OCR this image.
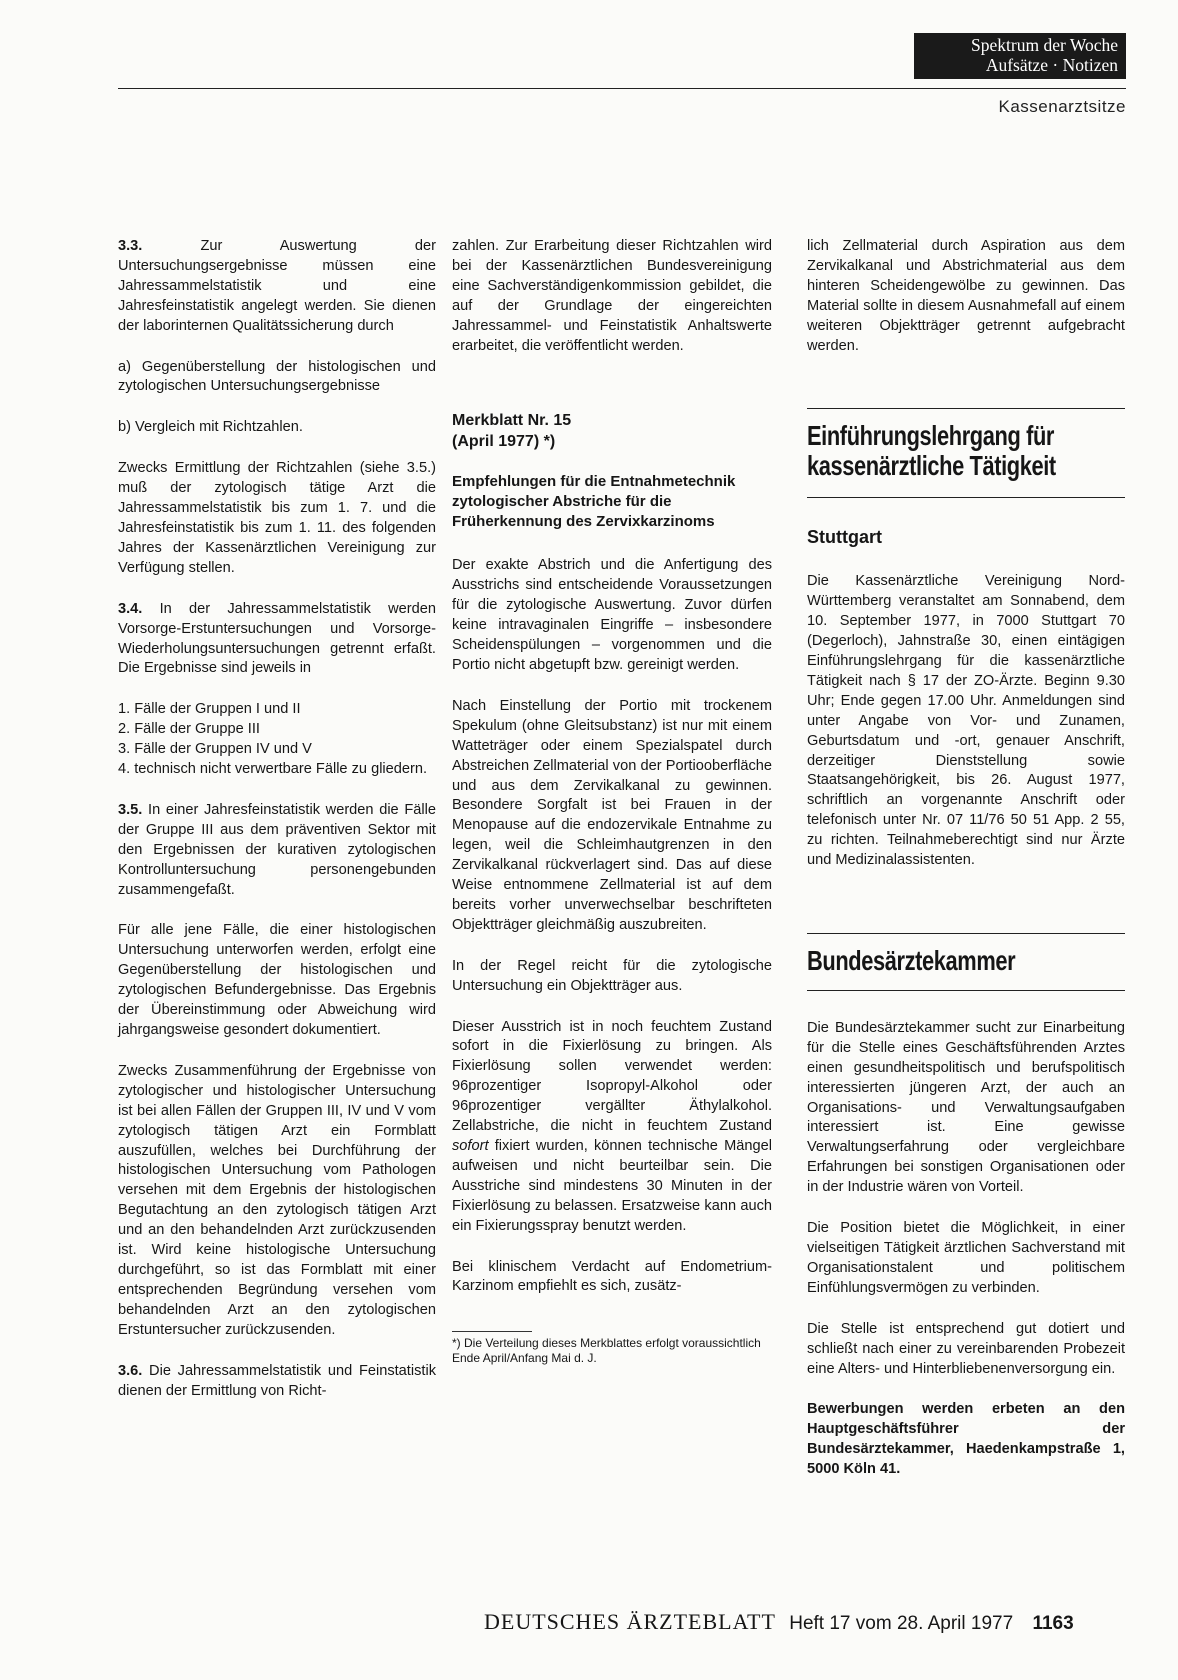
Spektrum der Woche
Aufsätze · Notizen
Kassenarztsitze

3.3. Zur Auswertung der Untersuchungsergebnisse müssen eine Jahressammelstatistik und eine Jahresfeinstatistik angelegt werden. Sie dienen der laborinternen Qualitätssicherung durch

a) Gegenüberstellung der histologischen und zytologischen Untersuchungsergebnisse

b) Vergleich mit Richtzahlen.

Zwecks Ermittlung der Richtzahlen (siehe 3.5.) muß der zytologisch tätige Arzt die Jahressammelstatistik bis zum 1. 7. und die Jahresfeinstatistik bis zum 1. 11. des folgenden Jahres der Kassenärztlichen Vereinigung zur Verfügung stellen.

3.4. In der Jahressammelstatistik werden Vorsorge-Erstuntersuchungen und Vorsorge-Wiederholungsuntersuchungen getrennt erfaßt. Die Ergebnisse sind jeweils in

1. Fälle der Gruppen I und II
2. Fälle der Gruppe III
3. Fälle der Gruppen IV und V
4. technisch nicht verwertbare Fälle zu gliedern.

3.5. In einer Jahresfeinstatistik werden die Fälle der Gruppe III aus dem präventiven Sektor mit den Ergebnissen der kurativen zytologischen Kontrolluntersuchung personengebunden zusammengefaßt.

Für alle jene Fälle, die einer histologischen Untersuchung unterworfen werden, erfolgt eine Gegenüberstellung der histologischen und zytologischen Befundergebnisse. Das Ergebnis der Übereinstimmung oder Abweichung wird jahrgangsweise gesondert dokumentiert.

Zwecks Zusammenführung der Ergebnisse von zytologischer und histologischer Untersuchung ist bei allen Fällen der Gruppen III, IV und V vom zytologisch tätigen Arzt ein Formblatt auszufüllen, welches bei Durchführung der histologischen Untersuchung vom Pathologen versehen mit dem Ergebnis der histologischen Begutachtung an den zytologisch tätigen Arzt und an den behandelnden Arzt zurückzusenden ist. Wird keine histologische Untersuchung durchgeführt, so ist das Formblatt mit einer entsprechenden Begründung versehen vom behandelnden Arzt an den zytologischen Erstuntersucher zurückzusenden.

3.6. Die Jahressammelstatistik und Feinstatistik dienen der Ermittlung von Richt-

zahlen. Zur Erarbeitung dieser Richtzahlen wird bei der Kassenärztlichen Bundesvereinigung eine Sachverständigenkommission gebildet, die auf der Grundlage der eingereichten Jahressammel- und Feinstatistik Anhaltswerte erarbeitet, die veröffentlicht werden.

Merkblatt Nr. 15
(April 1977) *)

Empfehlungen für die Entnahmetechnik zytologischer Abstriche für die Früherkennung des Zervixkarzinoms

Der exakte Abstrich und die Anfertigung des Ausstrichs sind entscheidende Voraussetzungen für die zytologische Auswertung. Zuvor dürfen keine intravaginalen Eingriffe – insbesondere Scheidenspülungen – vorgenommen und die Portio nicht abgetupft bzw. gereinigt werden.

Nach Einstellung der Portio mit trockenem Spekulum (ohne Gleitsubstanz) ist nur mit einem Watteträger oder einem Spezialspatel durch Abstreichen Zellmaterial von der Portiooberfläche und aus dem Zervikalkanal zu gewinnen. Besondere Sorgfalt ist bei Frauen in der Menopause auf die endozervikale Entnahme zu legen, weil die Schleimhautgrenzen in den Zervikalkanal rückverlagert sind. Das auf diese Weise entnommene Zellmaterial ist auf dem bereits vorher unverwechselbar beschrifteten Objektträger gleichmäßig auszubreiten.

In der Regel reicht für die zytologische Untersuchung ein Objektträger aus.

Dieser Ausstrich ist in noch feuchtem Zustand sofort in die Fixierlösung zu bringen. Als Fixierlösung sollen verwendet werden: 96prozentiger Isopropyl-Alkohol oder 96prozentiger vergällter Äthylalkohol. Zellabstriche, die nicht in feuchtem Zustand sofort fixiert wurden, können technische Mängel aufweisen und nicht beurteilbar sein. Die Ausstriche sind mindestens 30 Minuten in der Fixierlösung zu belassen. Ersatzweise kann auch ein Fixierungsspray benutzt werden.

Bei klinischem Verdacht auf Endometrium-Karzinom empfiehlt es sich, zusätz-

*) Die Verteilung dieses Merkblattes erfolgt voraussichtlich Ende April/Anfang Mai d. J.

lich Zellmaterial durch Aspiration aus dem Zervikalkanal und Abstrichmaterial aus dem hinteren Scheidengewölbe zu gewinnen. Das Material sollte in diesem Ausnahmefall auf einem weiteren Objektträger getrennt aufgebracht werden.

Einführungslehrgang für
kassenärztliche Tätigkeit
Stuttgart

Die Kassenärztliche Vereinigung Nord-Württemberg veranstaltet am Sonnabend, dem 10. September 1977, in 7000 Stuttgart 70 (Degerloch), Jahnstraße 30, einen eintägigen Einführungslehrgang für die kassenärztliche Tätigkeit nach § 17 der ZO-Ärzte. Beginn 9.30 Uhr; Ende gegen 17.00 Uhr. Anmeldungen sind unter Angabe von Vor- und Zunamen, Geburtsdatum und -ort, genauer Anschrift, derzeitiger Dienststellung sowie Staatsangehörigkeit, bis 26. August 1977, schriftlich an vorgenannte Anschrift oder telefonisch unter Nr. 07 11/76 50 51 App. 2 55, zu richten. Teilnahmeberechtigt sind nur Ärzte und Medizinalassistenten.

Bundesärztekammer

Die Bundesärztekammer sucht zur Einarbeitung für die Stelle eines Geschäftsführenden Arztes einen gesundheitspolitisch und berufspolitisch interessierten jüngeren Arzt, der auch an Organisations- und Verwaltungsaufgaben interessiert ist. Eine gewisse Verwaltungserfahrung oder vergleichbare Erfahrungen bei sonstigen Organisationen oder in der Industrie wären von Vorteil.

Die Position bietet die Möglichkeit, in einer vielseitigen Tätigkeit ärztlichen Sachverstand mit Organisationstalent und politischem Einfühlungsvermögen zu verbinden.

Die Stelle ist entsprechend gut dotiert und schließt nach einer zu vereinbarenden Probezeit eine Alters- und Hinterbliebenenversorgung ein.

Bewerbungen werden erbeten an den Hauptgeschäftsführer der Bundesärztekammer, Haedenkampstraße 1, 5000 Köln 41.

DEUTSCHES ÄRZTEBLATT Heft 17 vom 28. April 1977 1163
